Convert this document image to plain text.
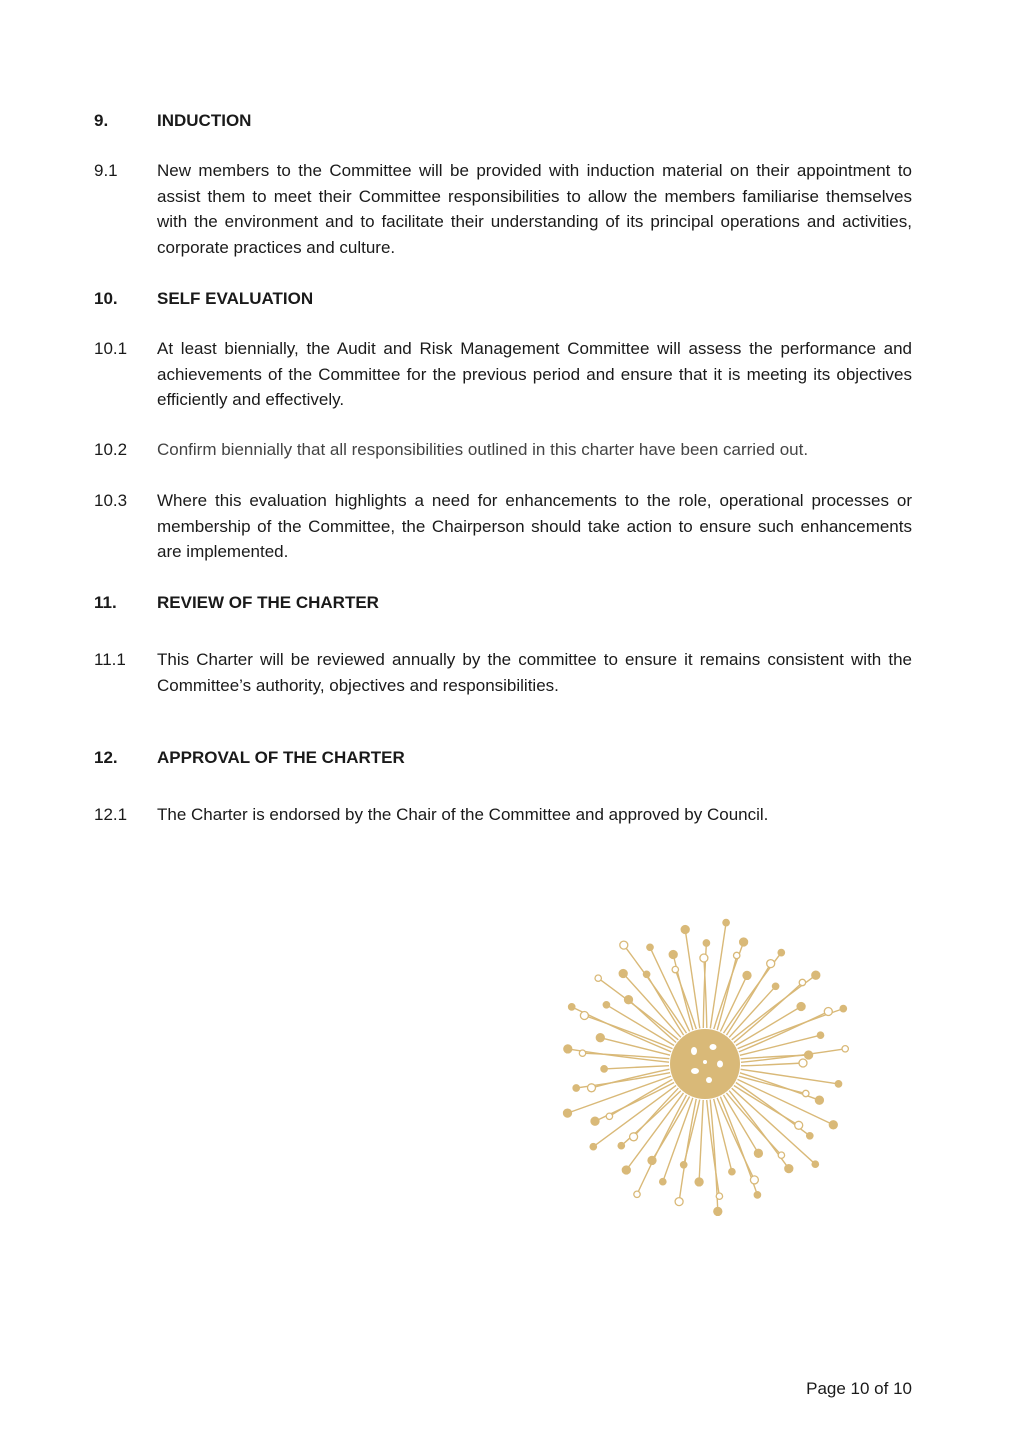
9.	INDUCTION
9.1 New members to the Committee will be provided with induction material on their appointment to assist them to meet their Committee responsibilities to allow the members familiarise themselves with the environment and to facilitate their understanding of its principal operations and activities, corporate practices and culture.

10. SELF EVALUATION
10.1 At least biennially, the Audit and Risk Management Committee will assess the performance and achievements of the Committee for the previous period and ensure that it is meeting its objectives efficiently and effectively.

10.2 Confirm biennially that all responsibilities outlined in this charter have been carried out.

10.3 Where this evaluation highlights a need for enhancements to the role, operational processes or membership of the Committee, the Chairperson should take action to ensure such enhancements are implemented.

11. REVIEW OF THE CHARTER
11.1 This Charter will be reviewed annually by the committee to ensure it remains consistent with the Committee’s authority, objectives and responsibilities.

12. APPROVAL OF THE CHARTER
12.1 The Charter is endorsed by the Chair of the Committee and approved by Council.

Page 10 of 10
